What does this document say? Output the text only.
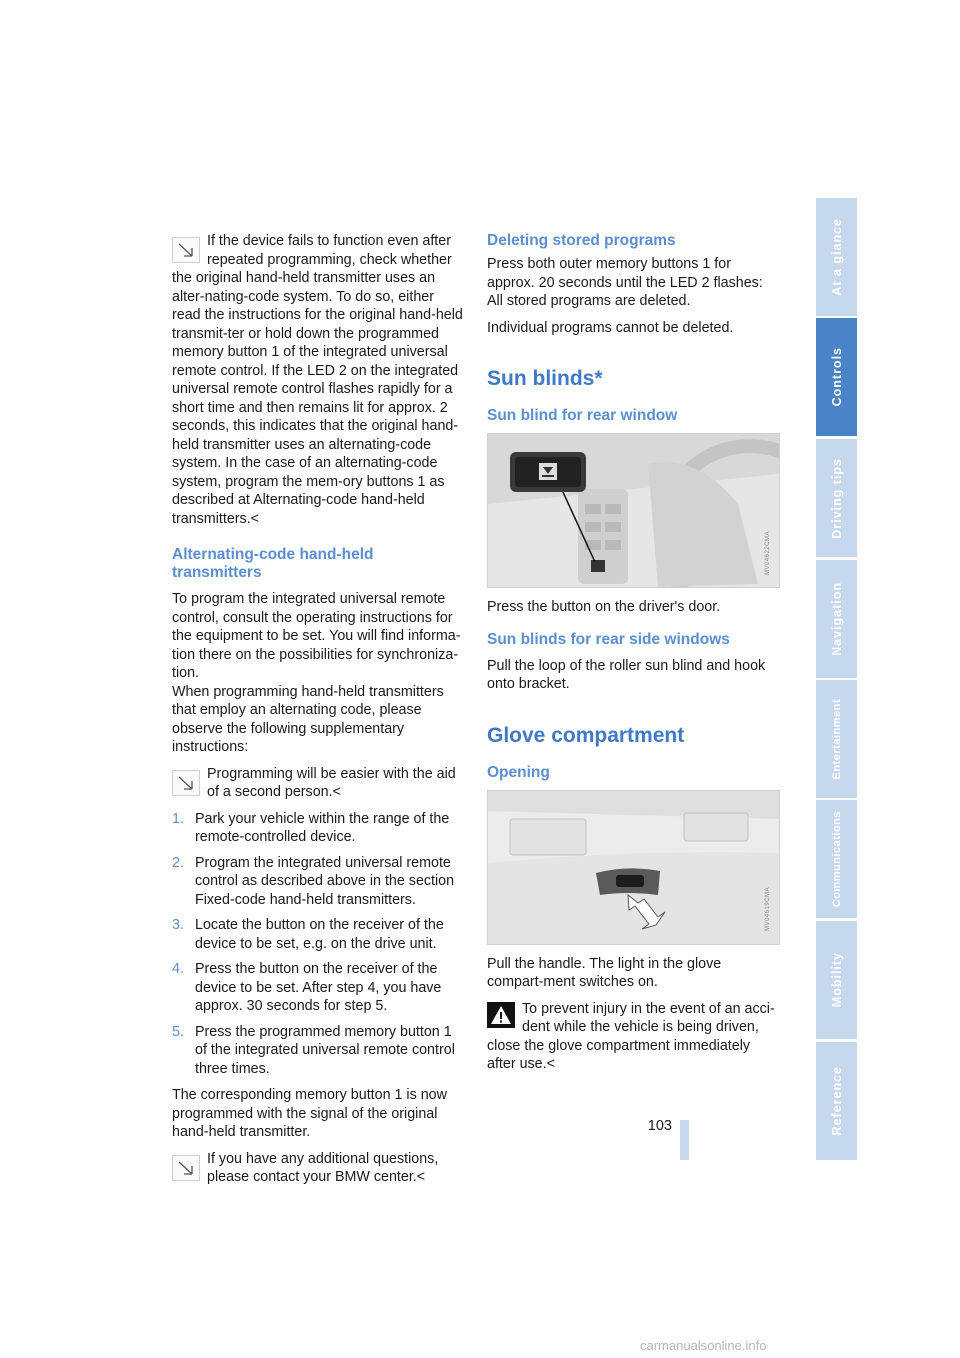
If the device fails to function even after repeated programming, check whether
the original hand-held transmitter uses an alter-nating-code system. To do so, either read the instructions for the original hand-held transmit-ter or hold down the programmed memory button 1 of the integrated universal remote control. If the LED 2 on the integrated universal remote control flashes rapidly for a short time and then remains lit for approx. 2 seconds, this indicates that the original hand-held transmitter uses an alternating-code system. In the case of an alternating-code system, program the mem-ory buttons 1 as described at Alternating-code hand-held transmitters.<
Alternating-code hand-held transmitters

To program the integrated universal remote control, consult the operating instructions for the equipment to be set. You will find informa-tion there on the possibilities for synchroniza-tion.

When programming hand-held transmitters that employ an alternating code, please observe the following supplementary instructions:

Programming will be easier with the aid of a second person.<
1. Park your vehicle within the range of the remote-controlled device.
2. Program the integrated universal remote control as described above in the section Fixed-code hand-held transmitters.
3. Locate the button on the receiver of the device to be set, e.g. on the drive unit.
4. Press the button on the receiver of the device to be set. After step 4, you have approx. 30 seconds for step 5.
5. Press the programmed memory button 1 of the integrated universal remote control three times.

The corresponding memory button 1 is now programmed with the signal of the original hand-held transmitter.

If you have any additional questions, please contact your BMW center.<
Deleting stored programs

Press both outer memory buttons 1 for approx. 20 seconds until the LED 2 flashes:

All stored programs are deleted.

Individual programs cannot be deleted.

Sun blinds*
Sun blind for rear window
MV04622CMA

Press the button on the driver's door.

Sun blinds for rear side windows

Pull the loop of the roller sun blind and hook onto bracket.

Glove compartment
Opening
MV04619CMA

Pull the handle. The light in the glove compart-ment switches on.

To prevent injury in the event of an acci-dent while the vehicle is being driven,
close the glove compartment immediately after use.<
103
At a glance
Controls
Driving tips
Navigation
Entertainment
Communications
Mobility
Reference
carmanualsonline.info
